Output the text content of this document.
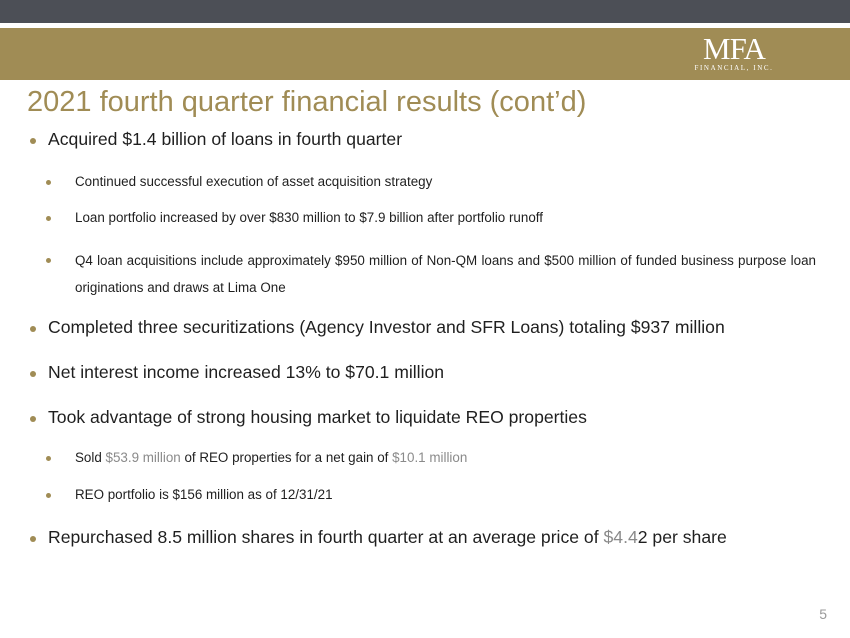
MFA
FINANCIAL, INC.
2021 fourth quarter financial results (cont’d)
Acquired $1.4 billion of loans in fourth quarter
Continued successful execution of asset acquisition strategy
Loan portfolio increased by over $830 million to $7.9 billion after portfolio runoff
Q4 loan acquisitions include approximately $950 million of Non-QM loans and $500 million of funded business purpose loan originations and draws at Lima One
Completed three securitizations (Agency Investor and SFR Loans) totaling $937 million
Net interest income increased 13% to $70.1 million
Took advantage of strong housing market to liquidate REO properties
Sold $53.9 million of REO properties for a net gain of $10.1 million
REO portfolio is $156 million as of 12/31/21
Repurchased 8.5 million shares in fourth quarter at an average price of $4.42 per share
5
